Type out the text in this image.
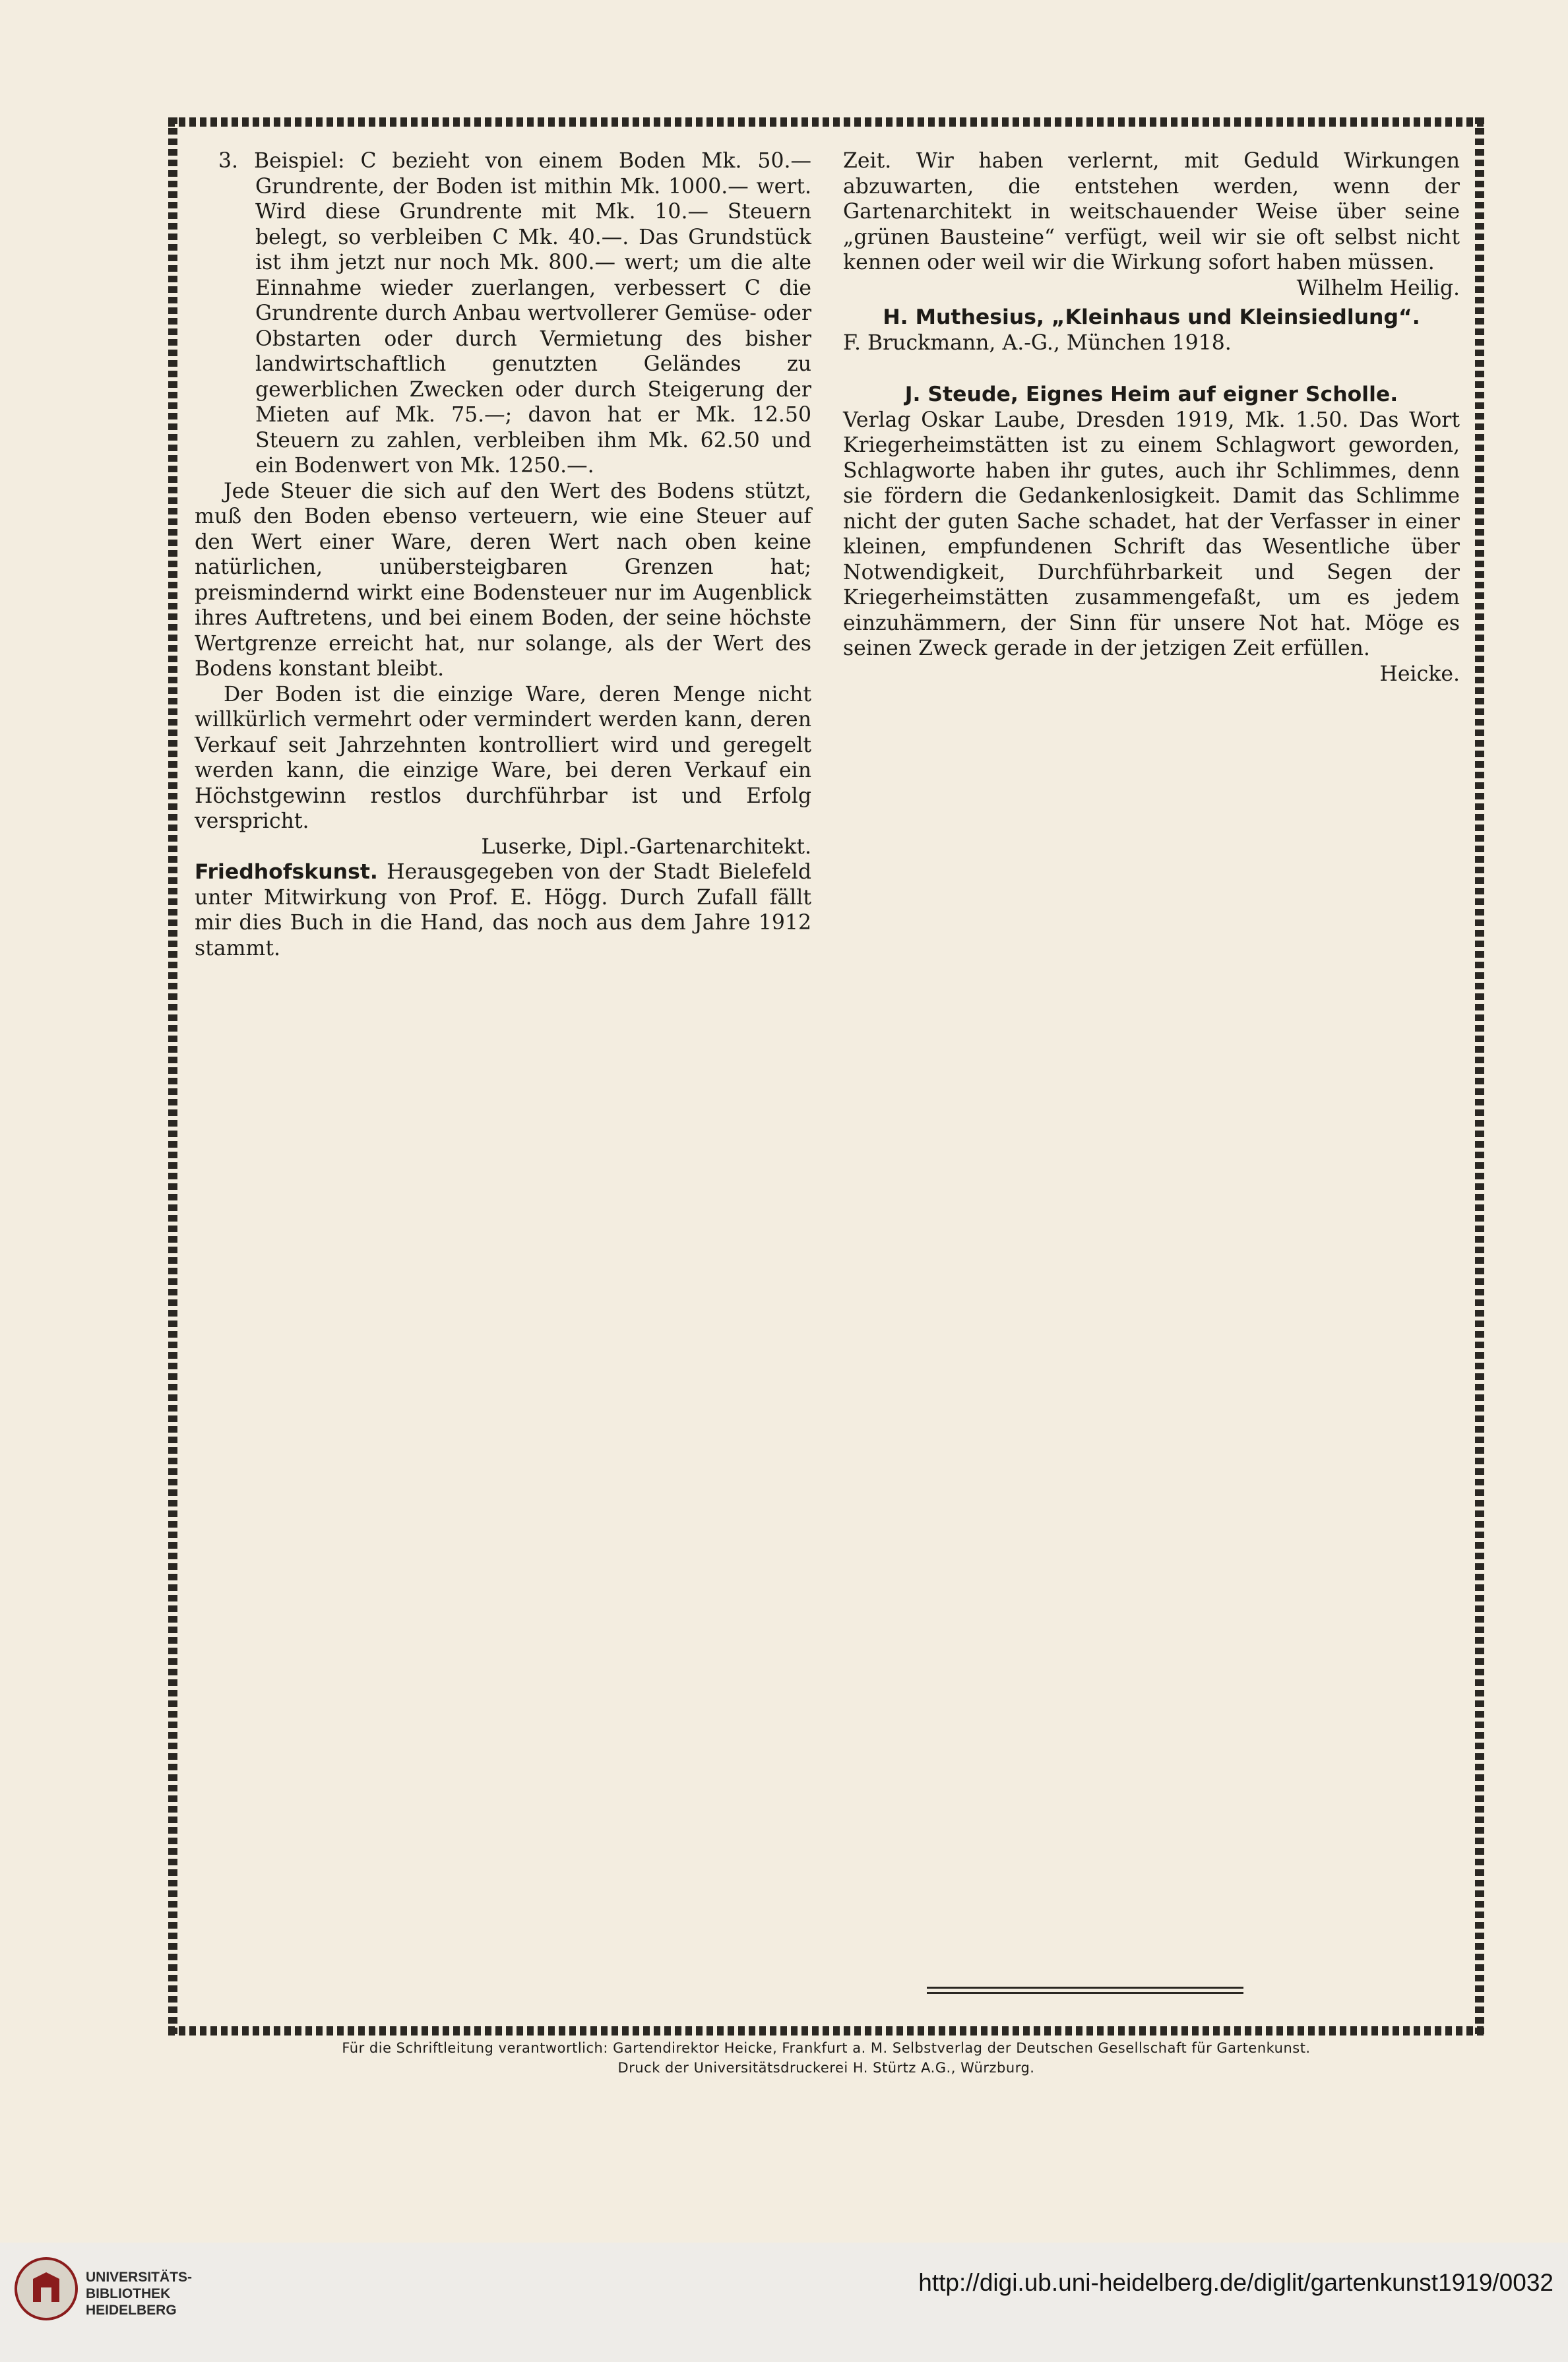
3. Beispiel: C bezieht von einem Boden Mk. 50.— Grundrente, der Boden ist mithin Mk. 1000.— wert. Wird diese Grundrente mit Mk. 10.— Steuern belegt, so verbleiben C Mk. 40.—. Das Grundstück ist ihm jetzt nur noch Mk. 800.— wert; um die alte Einnahme wieder zuerlangen, verbessert C die Grundrente durch Anbau wertvollerer Gemüse- oder Obstarten oder durch Vermietung des bisher landwirtschaftlich genutzten Geländes zu gewerblichen Zwecken oder durch Steigerung der Mieten auf Mk. 75.—; davon hat er Mk. 12.50 Steuern zu zahlen, verbleiben ihm Mk. 62.50 und ein Bodenwert von Mk. 1250.—.

Jede Steuer die sich auf den Wert des Bodens stützt, muß den Boden ebenso verteuern, wie eine Steuer auf den Wert einer Ware, deren Wert nach oben keine natürlichen, unübersteigbaren Grenzen hat; preismindernd wirkt eine Bodensteuer nur im Augenblick ihres Auftretens, und bei einem Boden, der seine höchste Wertgrenze erreicht hat, nur solange, als der Wert des Bodens konstant bleibt.

Der Boden ist die einzige Ware, deren Menge nicht willkürlich vermehrt oder vermindert werden kann, deren Verkauf seit Jahrzehnten kontrolliert wird und geregelt werden kann, die einzige Ware, bei deren Verkauf ein Höchstgewinn restlos durchführbar ist und Erfolg verspricht.

Luserke, Dipl.-Gartenarchitekt.

Friedhofskunst. Herausgegeben von der Stadt Bielefeld unter Mitwirkung von Prof. E. Högg. Durch Zufall fällt mir dies Buch in die Hand, das noch aus dem Jahre 1912 stammt.

Zeit. Wir haben verlernt, mit Geduld Wirkungen abzuwarten, die entstehen werden, wenn der Gartenarchitekt in weitschauender Weise über seine „grünen Bausteine“ verfügt, weil wir sie oft selbst nicht kennen oder weil wir die Wirkung sofort haben müssen.

Wilhelm Heilig.

H. Muthesius, „Kleinhaus und Kleinsiedlung“.

F. Bruckmann, A.-G., München 1918.

J. Steude, Eignes Heim auf eigner Scholle.

Verlag Oskar Laube, Dresden 1919, Mk. 1.50. Das Wort Kriegerheimstätten ist zu einem Schlagwort geworden, Schlagworte haben ihr gutes, auch ihr Schlimmes, denn sie fördern die Gedankenlosigkeit. Damit das Schlimme nicht der guten Sache schadet, hat der Verfasser in einer kleinen, empfundenen Schrift das Wesentliche über Notwendigkeit, Durchführbarkeit und Segen der Kriegerheimstätten zusammengefaßt, um es jedem einzuhämmern, der Sinn für unsere Not hat. Möge es seinen Zweck gerade in der jetzigen Zeit erfüllen.

Heicke.

Für die Schriftleitung verantwortlich: Gartendirektor Heicke, Frankfurt a. M. Selbstverlag der Deutschen Gesellschaft für Gartenkunst.
Druck der Universitätsdruckerei H. Stürtz A.G., Würzburg.
UNIVERSITÄTS-
BIBLIOTHEK
HEIDELBERG
http://digi.ub.uni-heidelberg.de/diglit/gartenkunst1919/0032
